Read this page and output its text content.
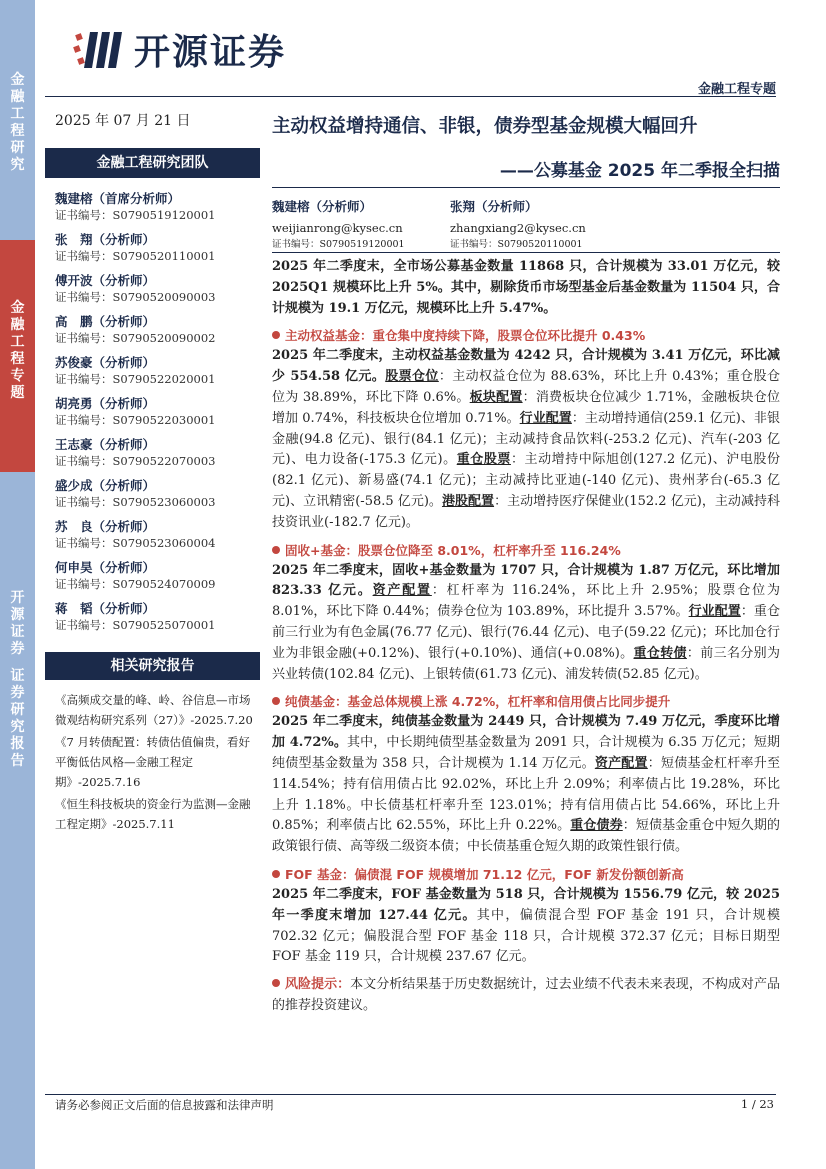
金
融
工
程
研
究
金
融
工
程
专
题
开
源
证
券
证
券
研
究
报
告
开源证券
金融工程专题
2025 年 07 月 21 日
金融工程研究团队
魏建榕（首席分析师）
证书编号：S0790519120001
张　翔（分析师）
证书编号：S0790520110001
傅开波（分析师）
证书编号：S0790520090003
高　鹏（分析师）
证书编号：S0790520090002
苏俊豪（分析师）
证书编号：S0790522020001
胡亮勇（分析师）
证书编号：S0790522030001
王志豪（分析师）
证书编号：S0790522070003
盛少成（分析师）
证书编号：S0790523060003
苏　良（分析师）
证书编号：S0790523060004
何申昊（分析师）
证书编号：S0790524070009
蒋　韬（分析师）
证书编号：S0790525070001
相关研究报告

《高频成交量的峰、岭、谷信息—市场微观结构研究系列（27）》-2025.7.20

《7 月转债配置：转债估值偏贵，看好平衡低估风格—金融工程定期》-2025.7.16

《恒生科技板块的资金行为监测—金融工程定期》-2025.7.11

主动权益增持通信、非银，债券型基金规模大幅回升
——公募基金 2025 年二季报全扫描
魏建榕（分析师）
weijianrong@kysec.cn
证书编号：S0790519120001
张翔（分析师）
zhangxiang2@kysec.cn
证书编号：S0790520110001

2025 年二季度末，全市场公募基金数量 11868 只，合计规模为 33.01 万亿元，较 2025Q1 规模环比上升 5%。其中，剔除货币市场型基金后基金数量为 11504 只，合计规模为 19.1 万亿元，规模环比上升 5.47%。

主动权益基金：重仓集中度持续下降，股票仓位环比提升 0.43%

2025 年二季度末，主动权益基金数量为 4242 只，合计规模为 3.41 万亿元，环比减少 554.58 亿元。股票仓位：主动权益仓位为 88.63%，环比上升 0.43%；重仓股仓位为 38.89%，环比下降 0.6%。板块配置：消费板块仓位减少 1.71%，金融板块仓位增加 0.74%，科技板块仓位增加 0.71%。行业配置：主动增持通信(259.1 亿元)、非银金融(94.8 亿元)、银行(84.1 亿元)；主动减持食品饮料(-253.2 亿元)、汽车(-203 亿元)、电力设备(-175.3 亿元)。重仓股票：主动增持中际旭创(127.2 亿元)、沪电股份(82.1 亿元)、新易盛(74.1 亿元)；主动减持比亚迪(-140 亿元)、贵州茅台(-65.3 亿元)、立讯精密(-58.5 亿元)。港股配置：主动增持医疗保健业(152.2 亿元)，主动减持科技资讯业(-182.7 亿元)。

固收+基金：股票仓位降至 8.01%，杠杆率升至 116.24%

2025 年二季度末，固收+基金数量为 1707 只，合计规模为 1.87 万亿元，环比增加 823.33 亿元。资产配置：杠杆率为 116.24%，环比上升 2.95%；股票仓位为 8.01%，环比下降 0.44%；债券仓位为 103.89%，环比提升 3.57%。行业配置：重仓前三行业为有色金属(76.77 亿元)、银行(76.44 亿元)、电子(59.22 亿元)；环比加仓行业为非银金融(+0.12%)、银行(+0.10%)、通信(+0.08%)。重仓转债：前三名分别为兴业转债(102.84 亿元)、上银转债(61.73 亿元)、浦发转债(52.85 亿元)。

纯债基金：基金总体规模上涨 4.72%，杠杆率和信用债占比同步提升

2025 年二季度末，纯债基金数量为 2449 只，合计规模为 7.49 万亿元，季度环比增加 4.72%。其中，中长期纯债型基金数量为 2091 只，合计规模为 6.35 万亿元；短期纯债型基金数量为 358 只，合计规模为 1.14 万亿元。资产配置：短债基金杠杆率升至 114.54%；持有信用债占比 92.02%，环比上升 2.09%；利率债占比 19.28%，环比上升 1.18%。中长债基杠杆率升至 123.01%；持有信用债占比 54.66%，环比上升 0.85%；利率债占比 62.55%，环比上升 0.22%。重仓债券：短债基金重仓中短久期的政策银行债、高等级二级资本债；中长债基重仓短久期的政策性银行债。

FOF 基金：偏债混 FOF 规模增加 71.12 亿元，FOF 新发份额创新高

2025 年二季度末，FOF 基金数量为 518 只，合计规模为 1556.79 亿元，较 2025 年一季度末增加 127.44 亿元。其中，偏债混合型 FOF 基金 191 只，合计规模 702.32 亿元；偏股混合型 FOF 基金 118 只，合计规模 372.37 亿元；目标日期型 FOF 基金 119 只，合计规模 237.67 亿元。

风险提示：本文分析结果基于历史数据统计，过去业绩不代表未来表现，不构成对产品的推荐投资建议。

请务必参阅正文后面的信息披露和法律声明	1 / 23
